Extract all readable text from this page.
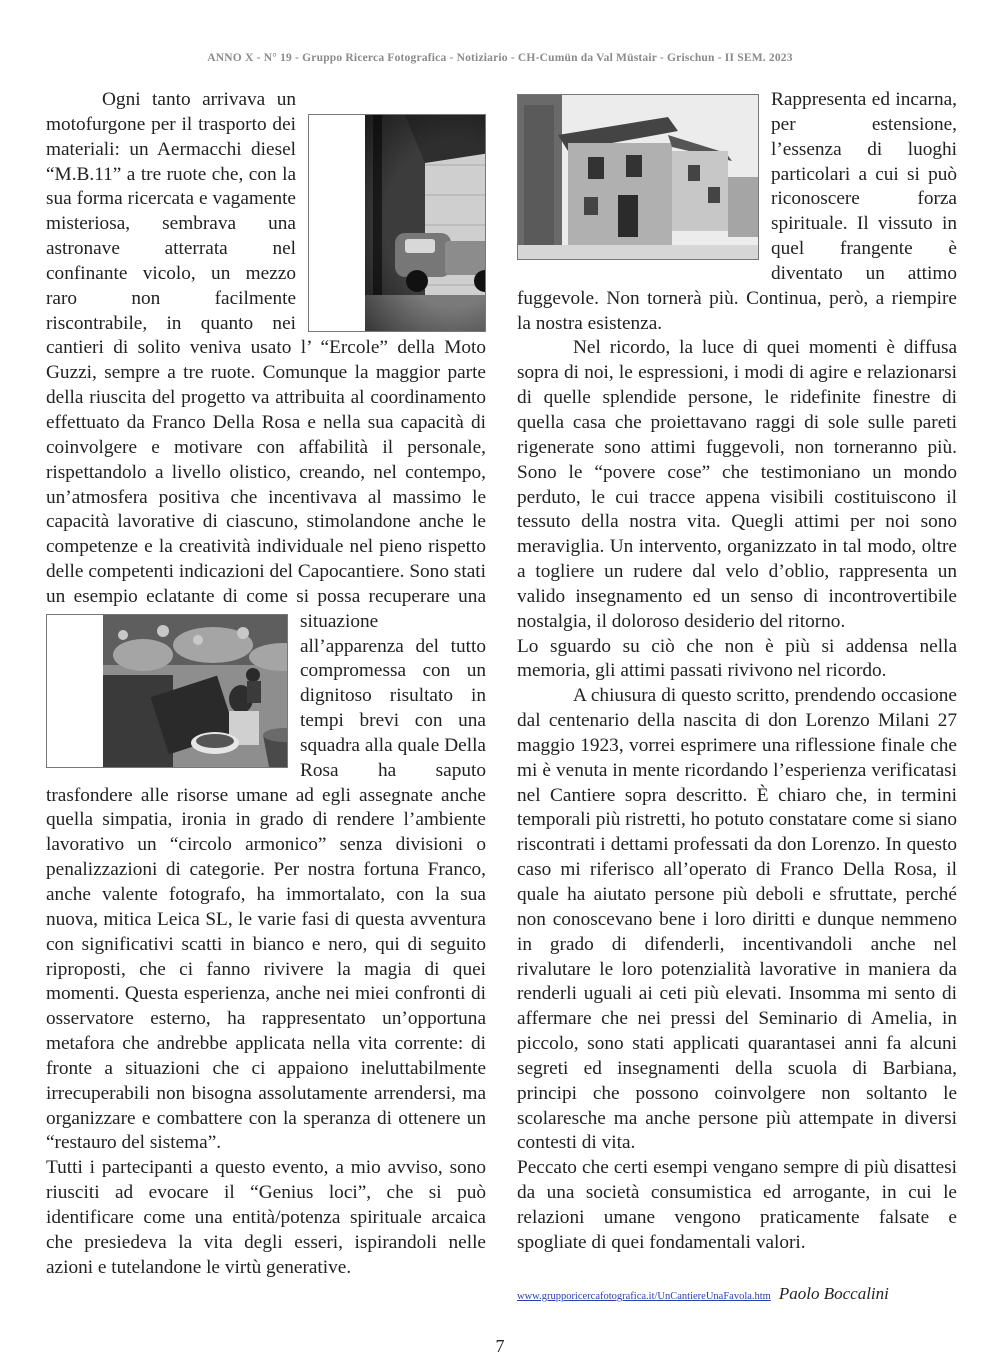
ANNO X - N° 19 - Gruppo Ricerca Fotografica - Notiziario - CH-Cumün da Val Müstair - Grischun - II SEM. 2023

Ogni tanto arrivava un motofurgone per il trasporto dei materiali: un Aermacchi diesel “M.B.11” a tre ruote che, con la sua forma ricercata e vagamente misteriosa, sembrava una astronave atterrata nel confinante vicolo, un mezzo raro non facilmente riscontrabile, in quanto nei cantieri di solito veniva usato l’ “Ercole” della Moto Guzzi, sempre a tre ruote. Comunque la maggior parte della riuscita del progetto va attribuita al coordinamento effettuato da Franco Della Rosa e nella sua capacità di coinvolgere e motivare con affabilità il personale, rispettandolo a livello olistico, creando, nel contempo, un’atmosfera positiva che incentivava al massimo le capacità lavorative di ciascuno, stimolandone anche le competenze e la creatività individuale nel pieno rispetto delle competenti indicazioni del Capocantiere. Sono stati un esempio eclatante di come si possa recuperare una situazione all’apparenza del tutto compromessa con un dignitoso risultato in tempi brevi con una squadra alla quale Della Rosa ha saputo trasfondere alle risorse umane ad egli assegnate anche quella simpatia, ironia in grado di rendere l’ambiente lavorativo un “circolo armonico” senza divisioni o penalizzazioni di categorie. Per nostra fortuna Franco, anche valente fotografo, ha immortalato, con la sua nuova, mitica Leica SL, le varie fasi di questa avventura con significativi scatti in bianco e nero, qui di seguito riproposti, che ci fanno rivivere la magia di quei momenti. Questa esperienza, anche nei miei confronti di osservatore esterno, ha rappresentato un’opportuna metafora che andrebbe applicata nella vita corrente: di fronte a situazioni che ci appaiono ineluttabilmente irrecuperabili non bisogna assolutamente arrendersi, ma organizzare e combattere con la speranza di ottenere un “restauro del sistema”.

Tutti i partecipanti a questo evento, a mio avviso, sono riusciti ad evocare il “Genius loci”, che si può identificare come una entità/potenza spirituale arcaica che presiedeva la vita degli esseri, ispirandoli nelle azioni e tutelandone le virtù generative.

Rappresenta ed incarna, per estensione, l’essenza di luoghi particolari a cui si può riconoscere forza spirituale. Il vissuto in quel frangente è diventato un attimo fuggevole. Non tornerà più. Continua, però, a riempire la nostra esistenza.

Nel ricordo, la luce di quei momenti è diffusa sopra di noi, le espressioni, i modi di agire e relazionarsi di quelle splendide persone, le ridefinite finestre di quella casa che proiettavano raggi di sole sulle pareti rigenerate sono attimi fuggevoli, non torneranno più. Sono le “povere cose” che testimoniano un mondo perduto, le cui tracce appena visibili costituiscono il tessuto della nostra vita. Quegli attimi per noi sono meraviglia. Un intervento, organizzato in tal modo, oltre a togliere un rudere dal velo d’oblio, rappresenta un valido insegnamento ed un senso di incontrovertibile nostalgia, il doloroso desiderio del ritorno.

Lo sguardo su ciò che non è più si addensa nella memoria, gli attimi passati rivivono nel ricordo.

A chiusura di questo scritto, prendendo occasione dal centenario della nascita di don Lorenzo Milani 27 maggio 1923, vorrei esprimere una riflessione finale che mi è venuta in mente ricordando l’esperienza verificatasi nel Cantiere sopra descritto. È chiaro che, in termini temporali più ristretti, ho potuto constatare come si siano riscontrati i dettami professati da don Lorenzo. In questo caso mi riferisco all’operato di Franco Della Rosa, il quale ha aiutato persone più deboli e sfruttate, perché non conoscevano bene i loro diritti e dunque nemmeno in grado di difenderli, incentivandoli anche nel rivalutare le loro potenzialità lavorative in maniera da renderli uguali ai ceti più elevati. Insomma mi sento di affermare che nei pressi del Seminario di Amelia, in piccolo, sono stati applicati quarantasei anni fa alcuni segreti ed insegnamenti della scuola di Barbiana, principi che possono coinvolgere non soltanto le scolaresche ma anche persone più attempate in diversi contesti di vita.

Peccato che certi esempi vengano sempre di più disattesi da una società consumistica ed arrogante, in cui le relazioni umane vengono praticamente falsate e spogliate di quei fondamentali valori.

www.grupporicercafotografica.it/UnCantiereUnaFavola.htm Paolo Boccalini
7
